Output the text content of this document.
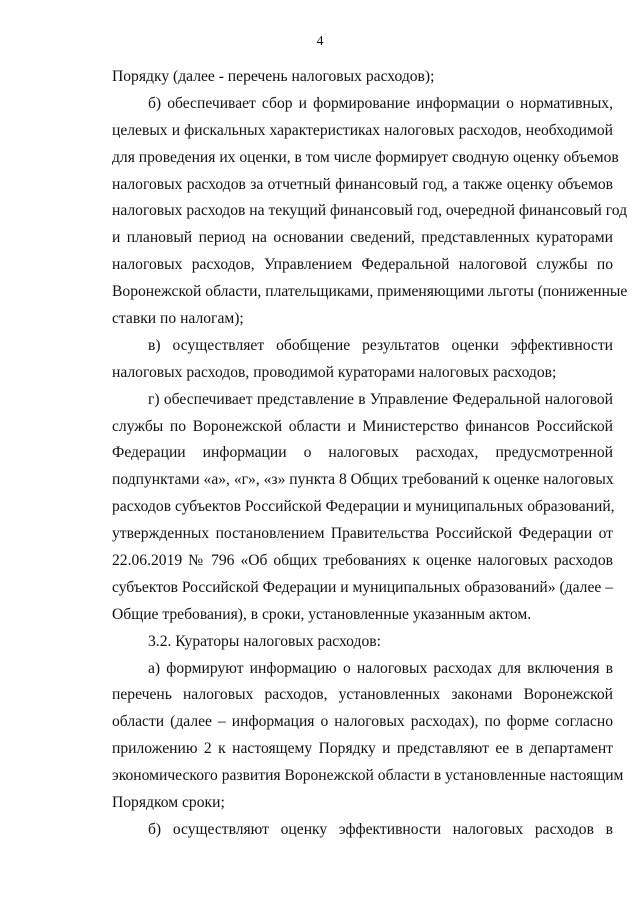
4
Порядку (далее - перечень налоговых расходов);
б) обеспечивает сбор и формирование информации о нормативных,
целевых и фискальных характеристиках налоговых расходов, необходимой
для проведения их оценки, в том числе формирует сводную оценку объемов
налоговых расходов за отчетный финансовый год, а также оценку объемов
налоговых расходов на текущий финансовый год, очередной финансовый год
и плановый период на основании сведений, представленных кураторами
налоговых расходов, Управлением Федеральной налоговой службы по
Воронежской области, плательщиками, применяющими льготы (пониженные
ставки по налогам);
в) осуществляет обобщение результатов оценки эффективности
налоговых расходов, проводимой кураторами налоговых расходов;
г) обеспечивает представление в Управление Федеральной налоговой
службы по Воронежской области и Министерство финансов Российской
Федерации информации о налоговых расходах, предусмотренной
подпунктами «а», «г», «з» пункта 8 Общих требований к оценке налоговых
расходов субъектов Российской Федерации и муниципальных образований,
утвержденных постановлением Правительства Российской Федерации от
22.06.2019 № 796 «Об общих требованиях к оценке налоговых расходов
субъектов Российской Федерации и муниципальных образований» (далее –
Общие требования), в сроки, установленные указанным актом.
3.2. Кураторы налоговых расходов:
а) формируют информацию о налоговых расходах для включения в
перечень налоговых расходов, установленных законами Воронежской
области (далее – информация о налоговых расходах), по форме согласно
приложению 2 к настоящему Порядку и представляют ее в департамент
экономического развития Воронежской области в установленные настоящим
Порядком сроки;
б) осуществляют оценку эффективности налоговых расходов в
